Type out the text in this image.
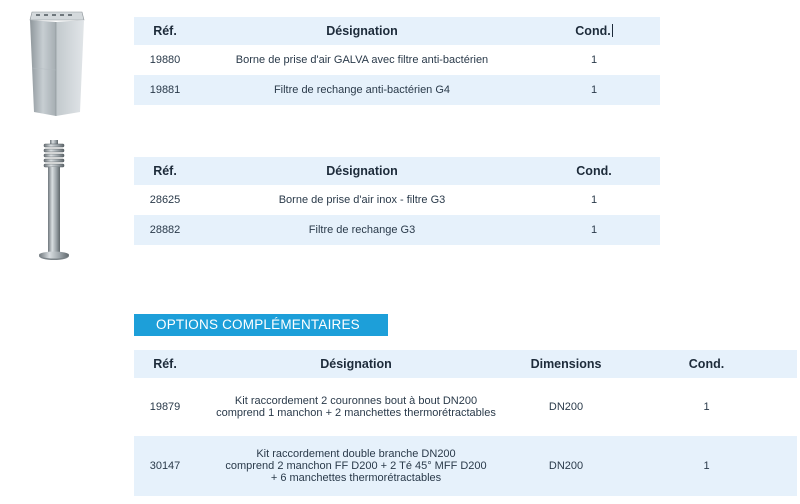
Réf.	Désignation	Cond.
19880	Borne de prise d'air GALVA avec filtre anti-bactérien	1
19881	Filtre de rechange anti-bactérien G4	1
Réf.	Désignation	Cond.
28625	Borne de prise d'air inox - filtre G3	1
28882	Filtre de rechange G3	1
OPTIONS COMPLÉMENTAIRES
Réf.	Désignation	Dimensions	Cond.
19879	Kit raccordement 2 couronnes bout à bout DN200
comprend 1 manchon + 2 manchettes thermorétractables	DN200	1
30147	Kit raccordement double branche DN200
comprend 2 manchon FF D200 + 2 Té 45° MFF D200
+ 6 manchettes thermorétractables	DN200	1
